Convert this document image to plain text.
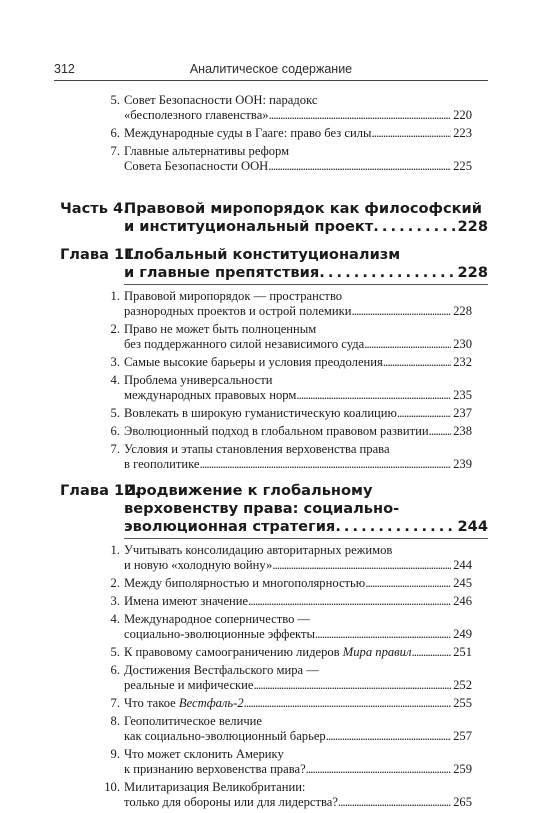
312	Аналитическое содержание
5. Совет Безопасности ООН: парадокс
«бесполезного главенства» . . .	220
6. Международные суды в Гааге: право без силы . . .	223
7. Главные альтернативы реформ
Совета Безопасности ООН . . .	225
Часть 4.
Правовой миропорядок как философский
и институциональный проект . . .	228
Глава 11.
Глобальный конституционализм
и главные препятствия . . .	228
1. Правовой миропорядок — пространство
разнородных проектов и острой полемики . . .	228
2. Право не может быть полноценным
без поддержанного силой независимого суда . . .	230
3. Самые высокие барьеры и условия преодоления . . .	232
4. Проблема универсальности
международных правовых норм . . .	235
5. Вовлекать в широкую гуманистическую коалицию . . .	237
6. Эволюционный подход в глобальном правовом развитии . . . 238
7. Условия и этапы становления верховенства права
в геополитике . . .	239
Глава 12.
Продвижение к глобальному
верховенству права: социально-
эволюционная стратегия . . .	244
1. Учитывать консолидацию авторитарных режимов
и новую «холодную войну» . . .	244
2. Между биполярностью и многополярностью . . .	245
3. Имена имеют значение . . .	246
4. Международное соперничество —
социально-эволюционные эффекты . . .	249
5. К правовому самоограничению лидеров Мира правил . . .	251
6. Достижения Вестфальского мира —
реальные и мифические . . .	252
7. Что такое Вестфаль-2 . . .	255
8. Геополитическое величие
как социально-эволюционный барьер . . .	257
9. Что может склонить Америку
к признанию верховенства права? . . .	259
10. Милитаризация Великобритании:
только для обороны или для лидерства? . . .	265
